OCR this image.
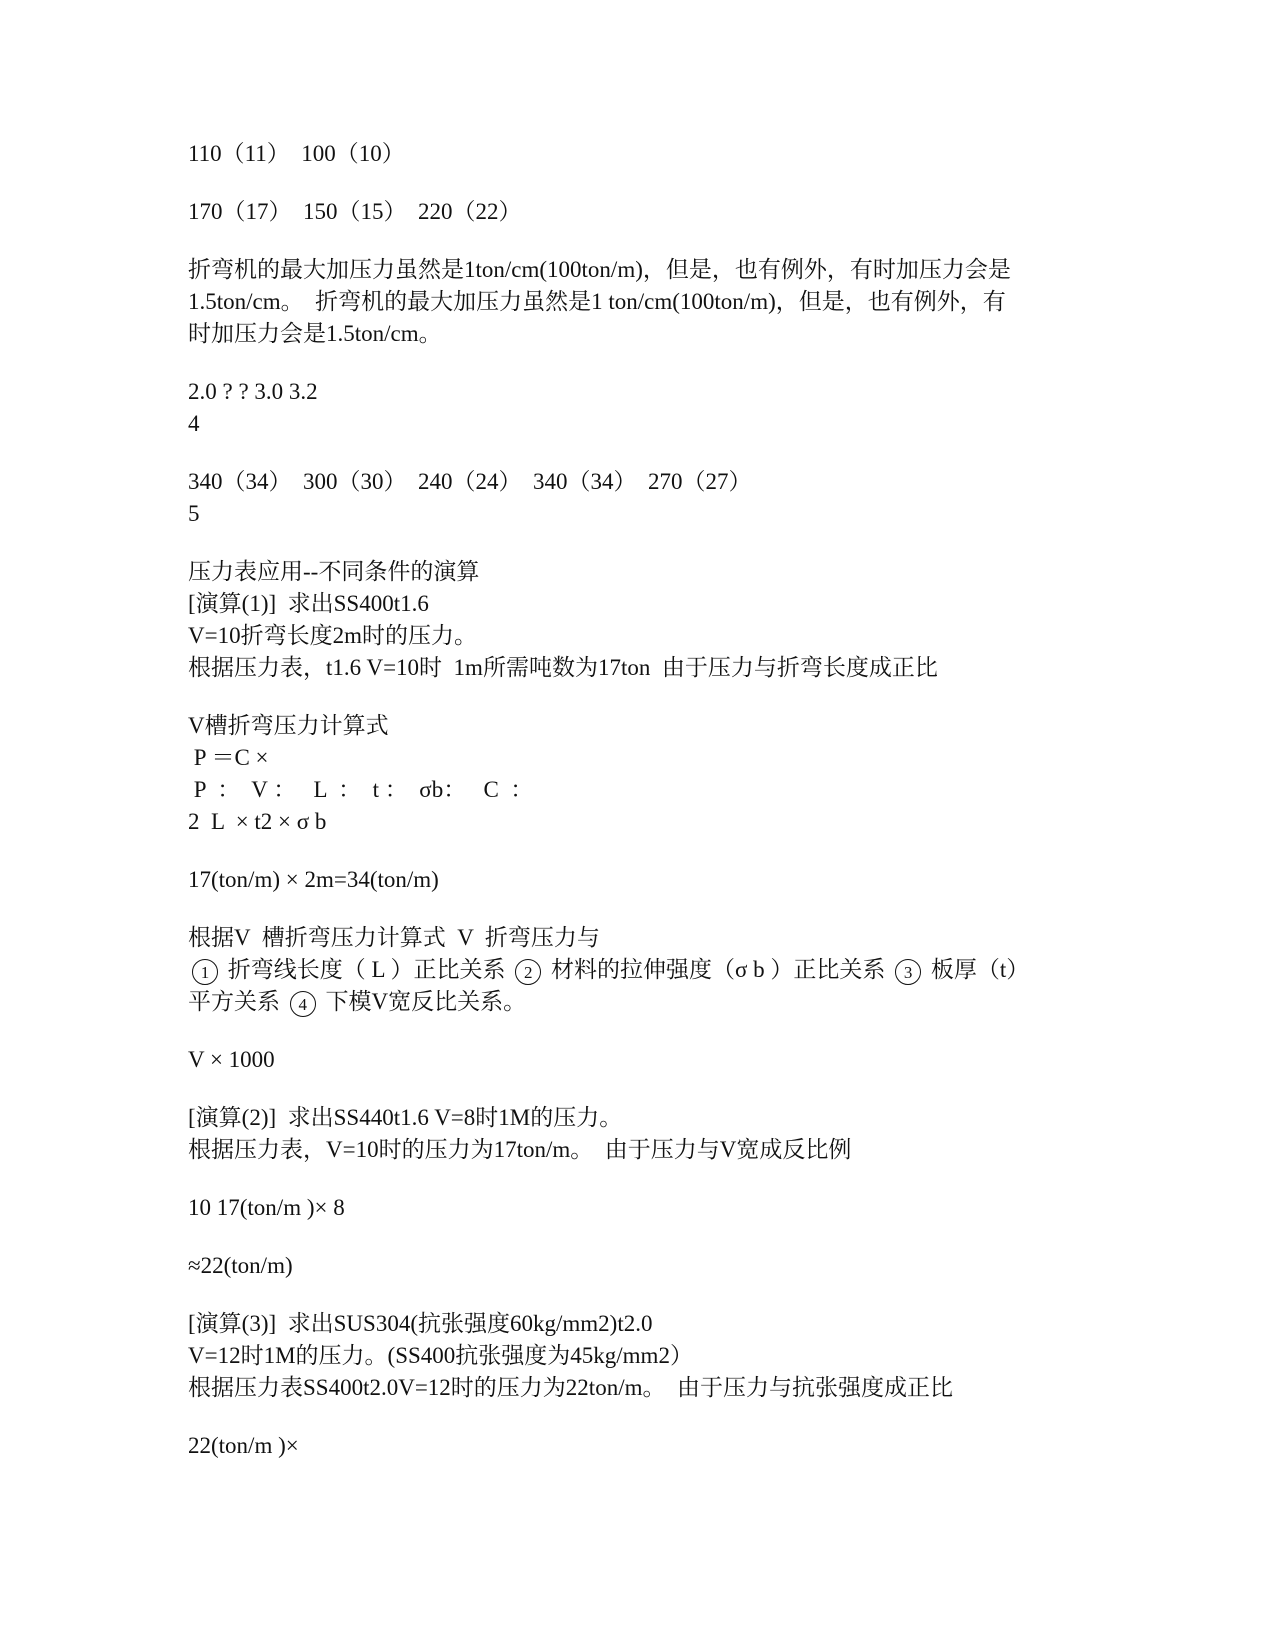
110（11）  100（10）
170（17）  150（15）  220（22）
折弯机的最大加压力虽然是1ton/cm(100ton/m)，但是，也有例外，有时加压力会是
1.5ton/cm。  折弯机的最大加压力虽然是1 ton/cm(100ton/m)，但是，也有例外，有
时加压力会是1.5ton/cm。
2.0 ? ? 3.0 3.2
4
340（34）  300（30）  240（24）  340（34）  270（27）
5
压力表应用--不同条件的演算
[演算(1)]  求出SS400t1.6
V=10折弯长度2m时的压力。
根据压力表，t1.6 V=10时  1m所需吨数为17ton  由于压力与折弯长度成正比
V槽折弯压力计算式
P ＝C ×
P  ：  V ：   L  ：  t ：  σb：   C  ：
2  L  × t2 × σ b
17(ton/m) × 2m=34(ton/m)
根据V  槽折弯压力计算式  V  折弯压力与
1 折弯线长度（ L ）正比关系 2 材料的拉伸强度（σ b ）正比关系 3 板厚（t）
平方关系 4 下模V宽反比关系。
V × 1000
[演算(2)]  求出SS440t1.6 V=8时1M的压力。
根据压力表，V=10时的压力为17ton/m。  由于压力与V宽成反比例
10 17(ton/m )× 8
≈22(ton/m)
[演算(3)]  求出SUS304(抗张强度60kg/mm2)t2.0
V=12时1M的压力。(SS400抗张强度为45kg/mm2）
根据压力表SS400t2.0V=12时的压力为22ton/m。  由于压力与抗张强度成正比
22(ton/m )×
